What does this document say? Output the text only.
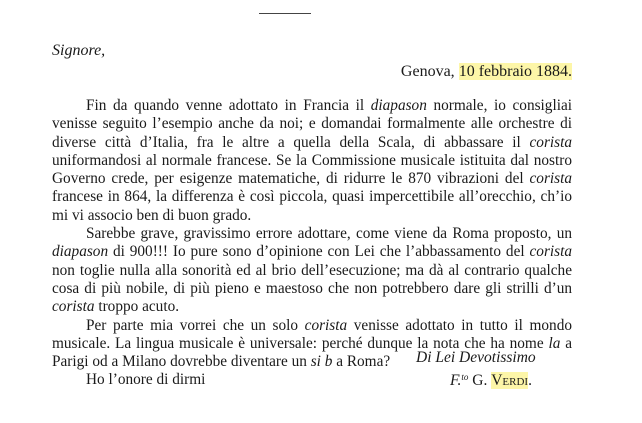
Signore,
Genova, 10 febbraio 1884.

Fin da quando venne adottato in Francia il diapason normale, io consigliai venisse seguito l’esempio anche da noi; e domandai formalmente alle orchestre di diverse città d’Italia, fra le altre a quella della Scala, di abbassare il corista uniformandosi al normale francese. Se la Commissione musicale istituita dal nostro Governo crede, per esigenze matematiche, di ridurre le 870 vibrazioni del corista francese in 864, la differenza è così piccola, quasi impercettibile all’orecchio, ch’io mi vi associo ben di buon grado.

Sarebbe grave, gravissimo errore adottare, come viene da Roma proposto, un diapason di 900!!! Io pure sono d’opinione con Lei che l’abbassamento del corista non toglie nulla alla sonorità ed al brio dell’esecuzione; ma dà al contrario qualche cosa di più nobile, di più pieno e maestoso che non potrebbero dare gli strilli d’un corista troppo acuto.

Per parte mia vorrei che un solo corista venisse adottato in tutto il mondo musicale. La lingua musicale è universale: perché dunque la nota che ha nome la a Parigi od a Milano dovrebbe diventare un si b a Roma?

Ho l’onore di dirmi

Di Lei Devotissimo
F.$^{to}$ G. Verdi.
